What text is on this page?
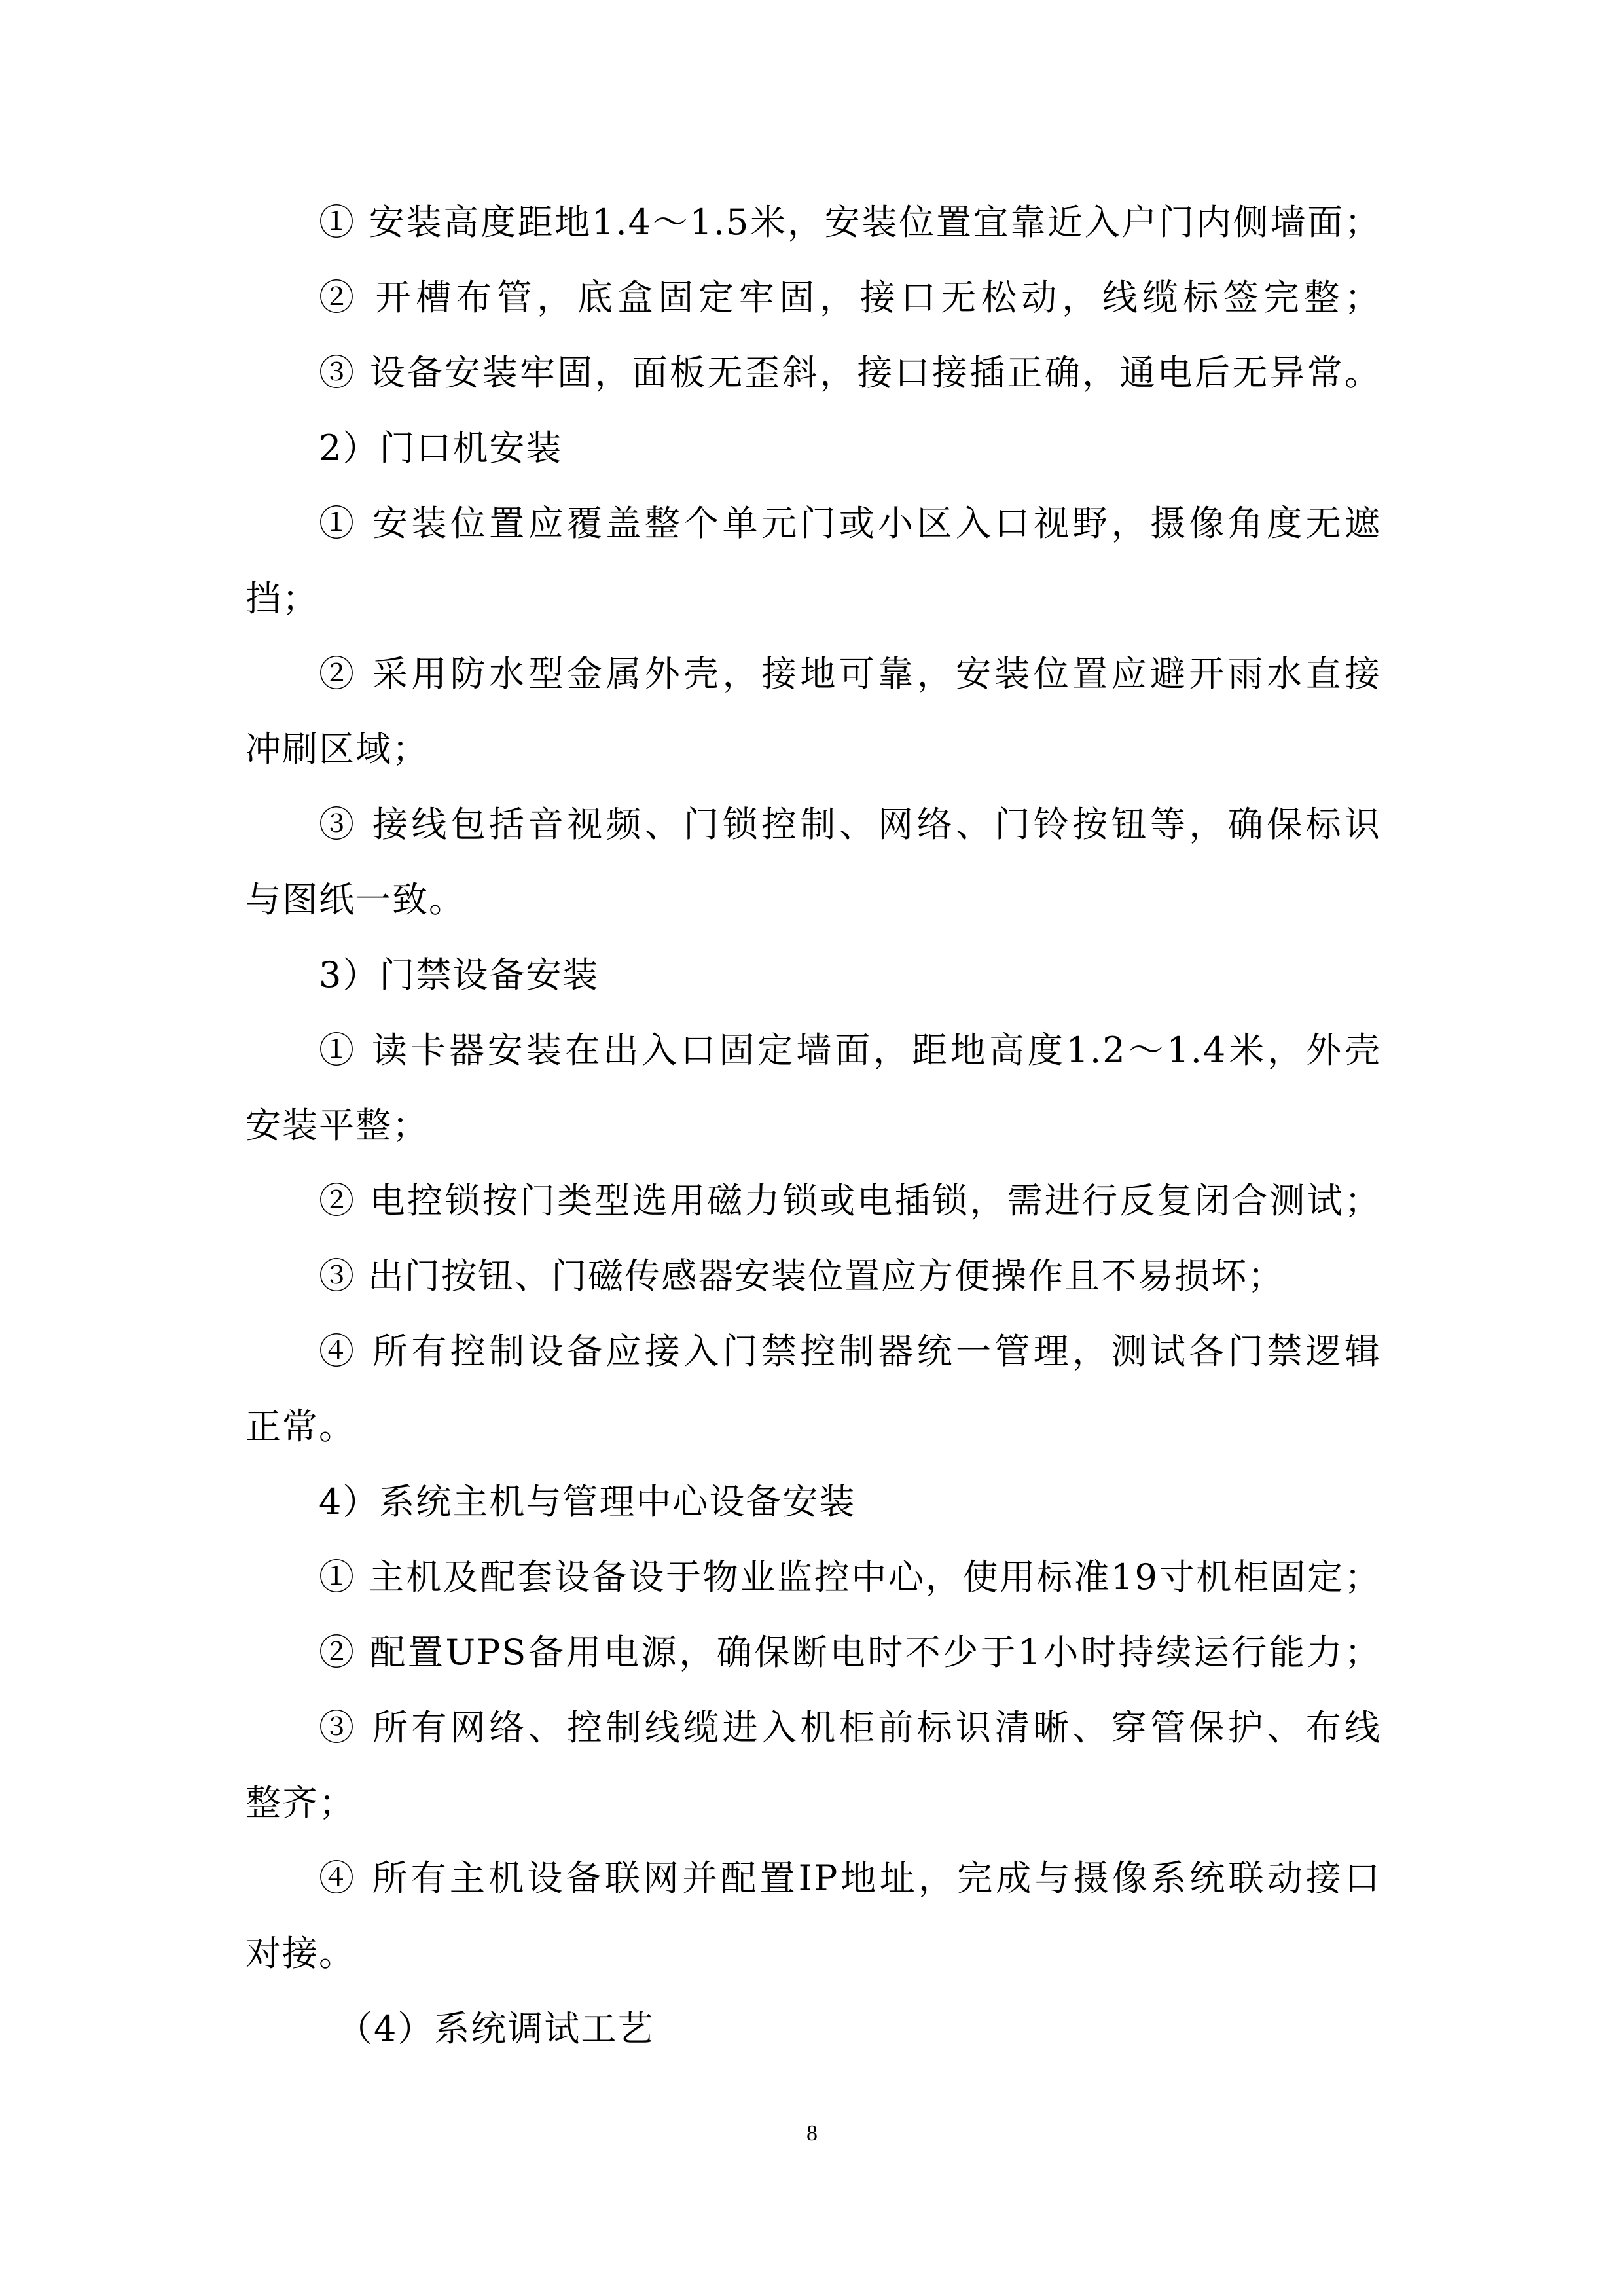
① 安装高度距地1.4～1.5米，安装位置宜靠近入户门内侧墙面；
② 开槽布管，底盒固定牢固，接口无松动，线缆标签完整；
③ 设备安装牢固，面板无歪斜，接口接插正确，通电后无异常。
2）门口机安装
① 安装位置应覆盖整个单元门或小区入口视野，摄像角度无遮
挡；
② 采用防水型金属外壳，接地可靠，安装位置应避开雨水直接
冲刷区域；
③ 接线包括音视频、门锁控制、网络、门铃按钮等，确保标识
与图纸一致。
3）门禁设备安装
① 读卡器安装在出入口固定墙面，距地高度1.2～1.4米，外壳
安装平整；
② 电控锁按门类型选用磁力锁或电插锁，需进行反复闭合测试；
③ 出门按钮、门磁传感器安装位置应方便操作且不易损坏；
④ 所有控制设备应接入门禁控制器统一管理，测试各门禁逻辑
正常。
4）系统主机与管理中心设备安装
① 主机及配套设备设于物业监控中心，使用标准19寸机柜固定；
② 配置UPS备用电源，确保断电时不少于1小时持续运行能力；
③ 所有网络、控制线缆进入机柜前标识清晰、穿管保护、布线
整齐；
④ 所有主机设备联网并配置IP地址，完成与摄像系统联动接口
对接。
（4）系统调试工艺
8
